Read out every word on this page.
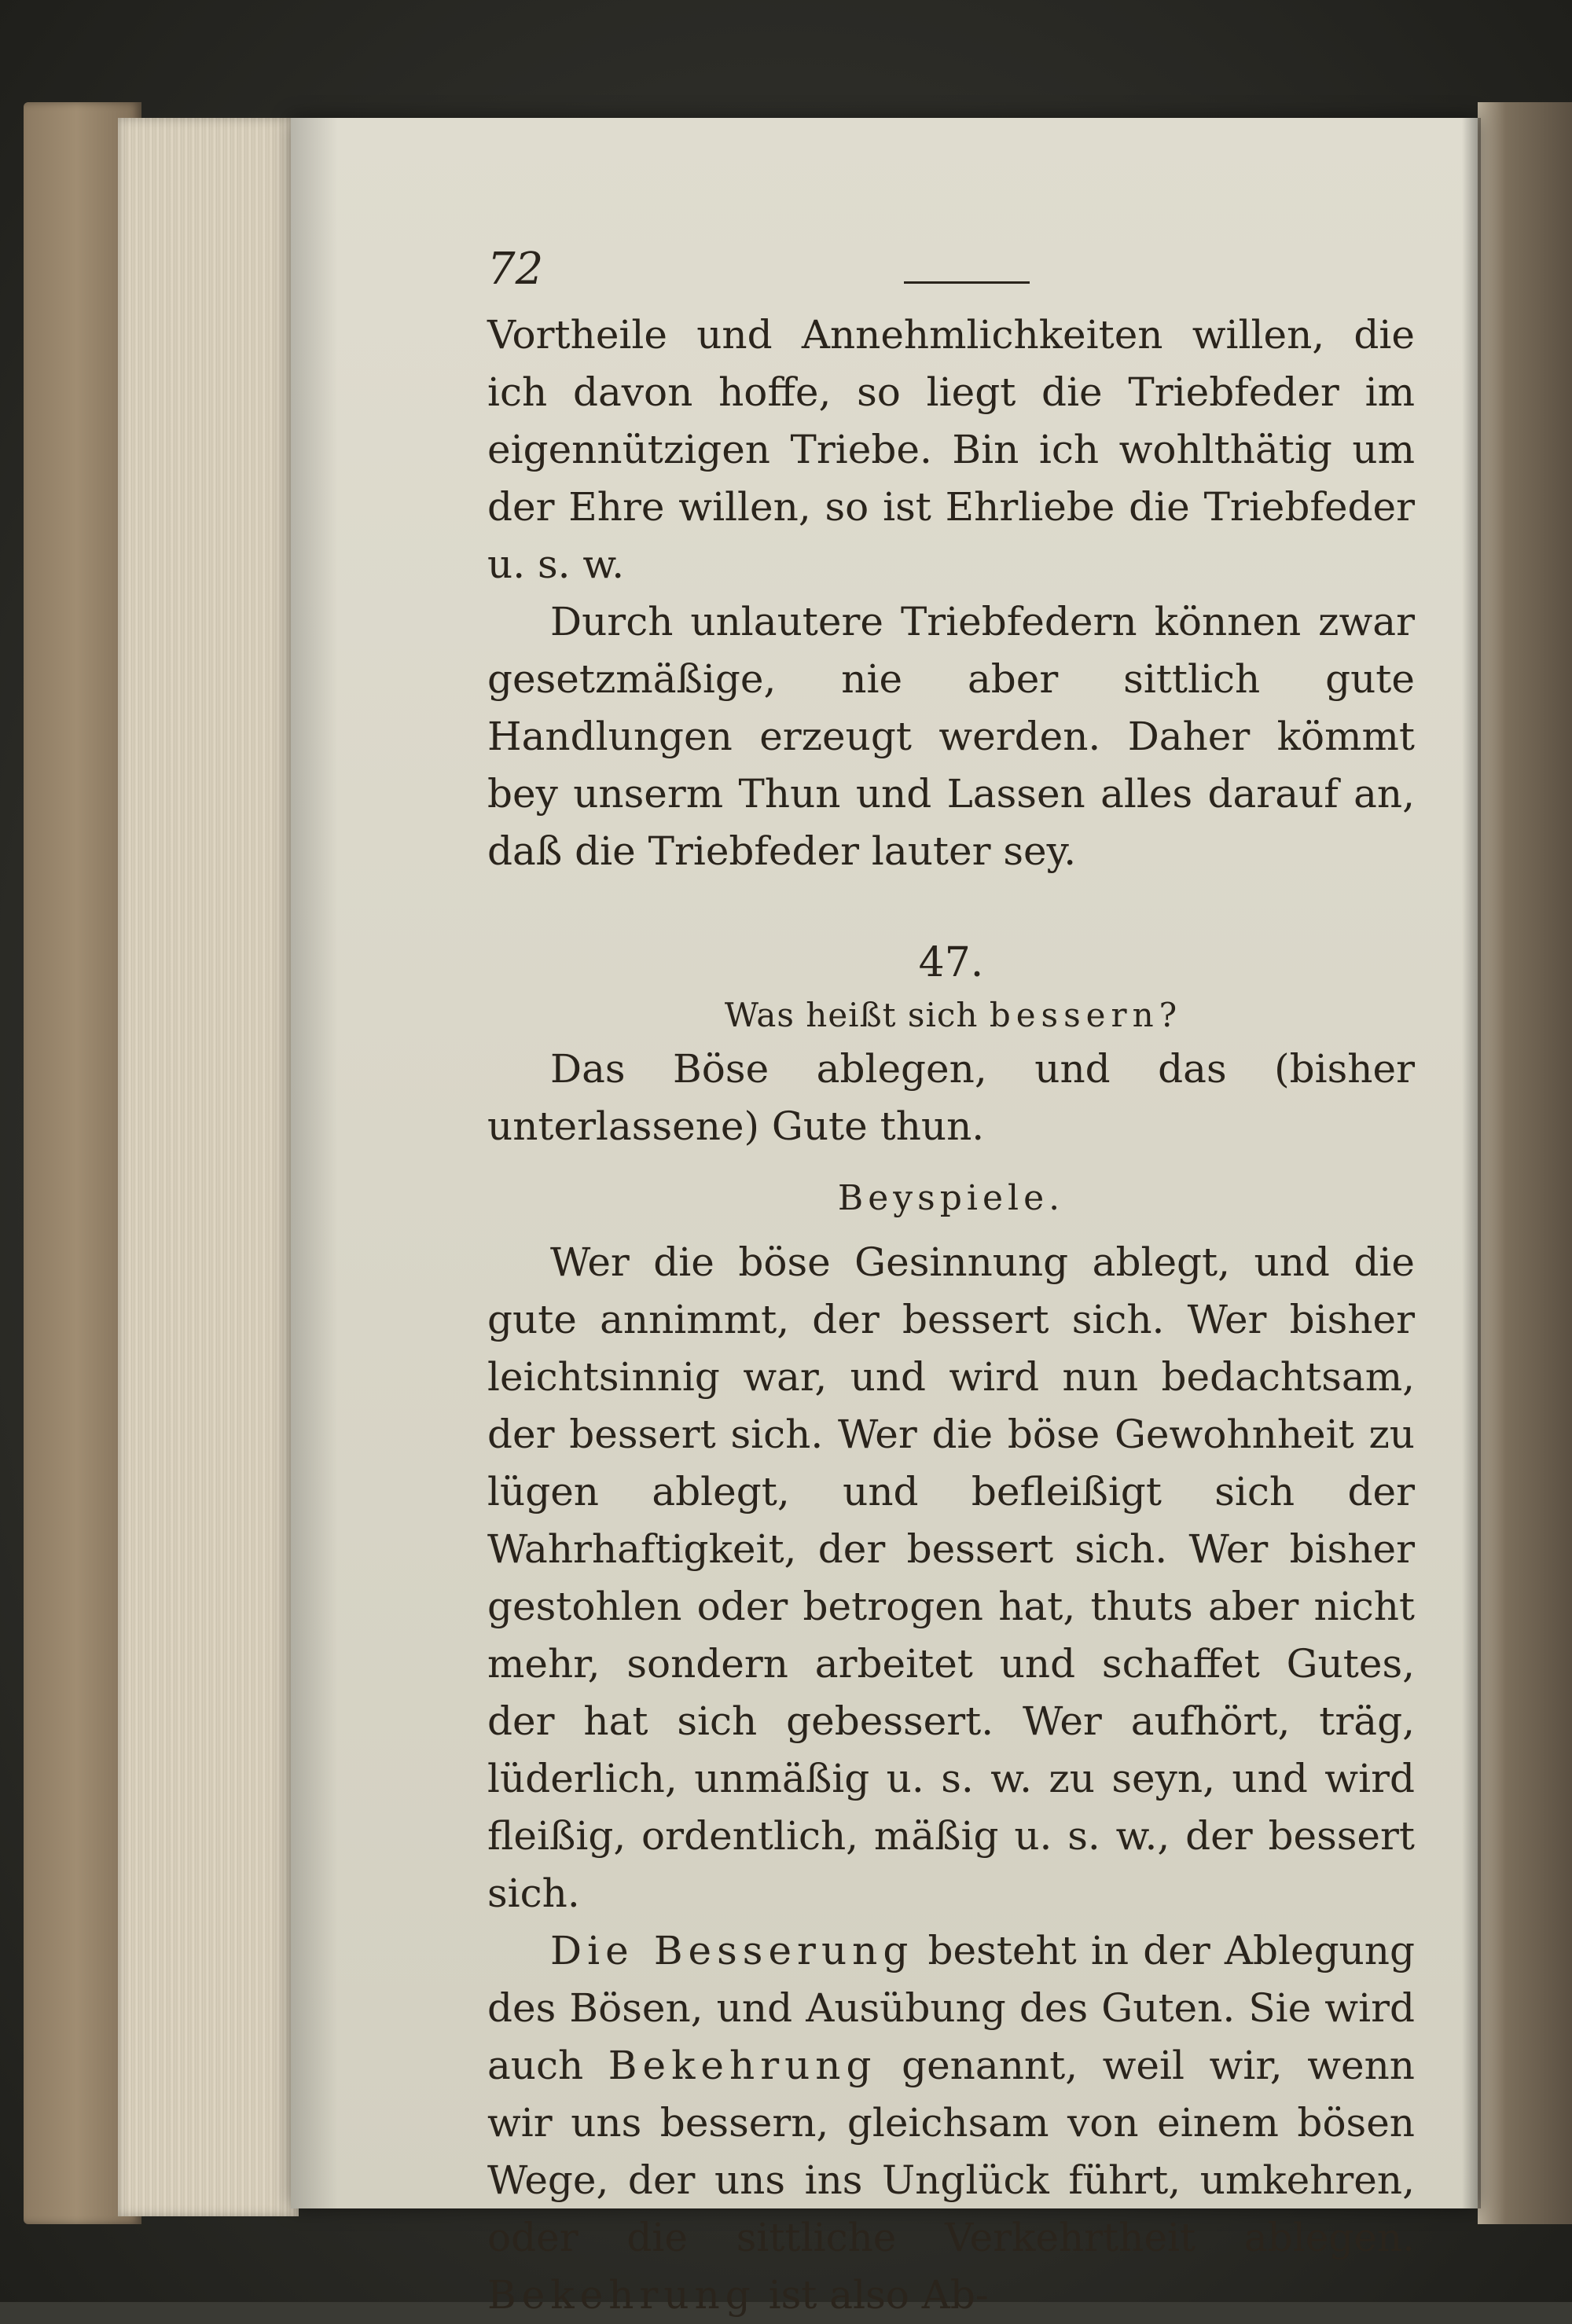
72

Vortheile und Annehmlichkeiten willen, die ich davon hoffe, so liegt die Triebfeder im eigennützigen Triebe. Bin ich wohlthätig um der Ehre willen, so ist Ehrliebe die Triebfeder u. s. w.

Durch unlautere Triebfedern können zwar gesetzmäßige, nie aber sittlich gute Handlungen erzeugt werden. Daher kömmt bey unserm Thun und Lassen alles darauf an, daß die Triebfeder lauter sey.

47.
Was heißt sich bessern?

Das Böse ablegen, und das (bisher unterlassene) Gute thun.

Beyspiele.

Wer die böse Gesinnung ablegt, und die gute annimmt, der bessert sich. Wer bisher leichtsinnig war, und wird nun bedachtsam, der bessert sich. Wer die böse Gewohnheit zu lügen ablegt, und befleißigt sich der Wahrhaftigkeit, der bessert sich. Wer bisher gestohlen oder betrogen hat, thuts aber nicht mehr, sondern arbeitet und schaffet Gutes, der hat sich gebessert. Wer aufhört, träg, lüderlich, unmäßig u. s. w. zu seyn, und wird fleißig, ordentlich, mäßig u. s. w., der bessert sich.

Die Besserung besteht in der Ablegung des Bösen, und Ausübung des Guten. Sie wird auch Bekehrung genannt, weil wir, wenn wir uns bessern, gleichsam von einem bösen Wege, der uns ins Unglück führt, umkehren, oder die sittliche Verkehrtheit ablegen. Bekehrung ist also Ab-
